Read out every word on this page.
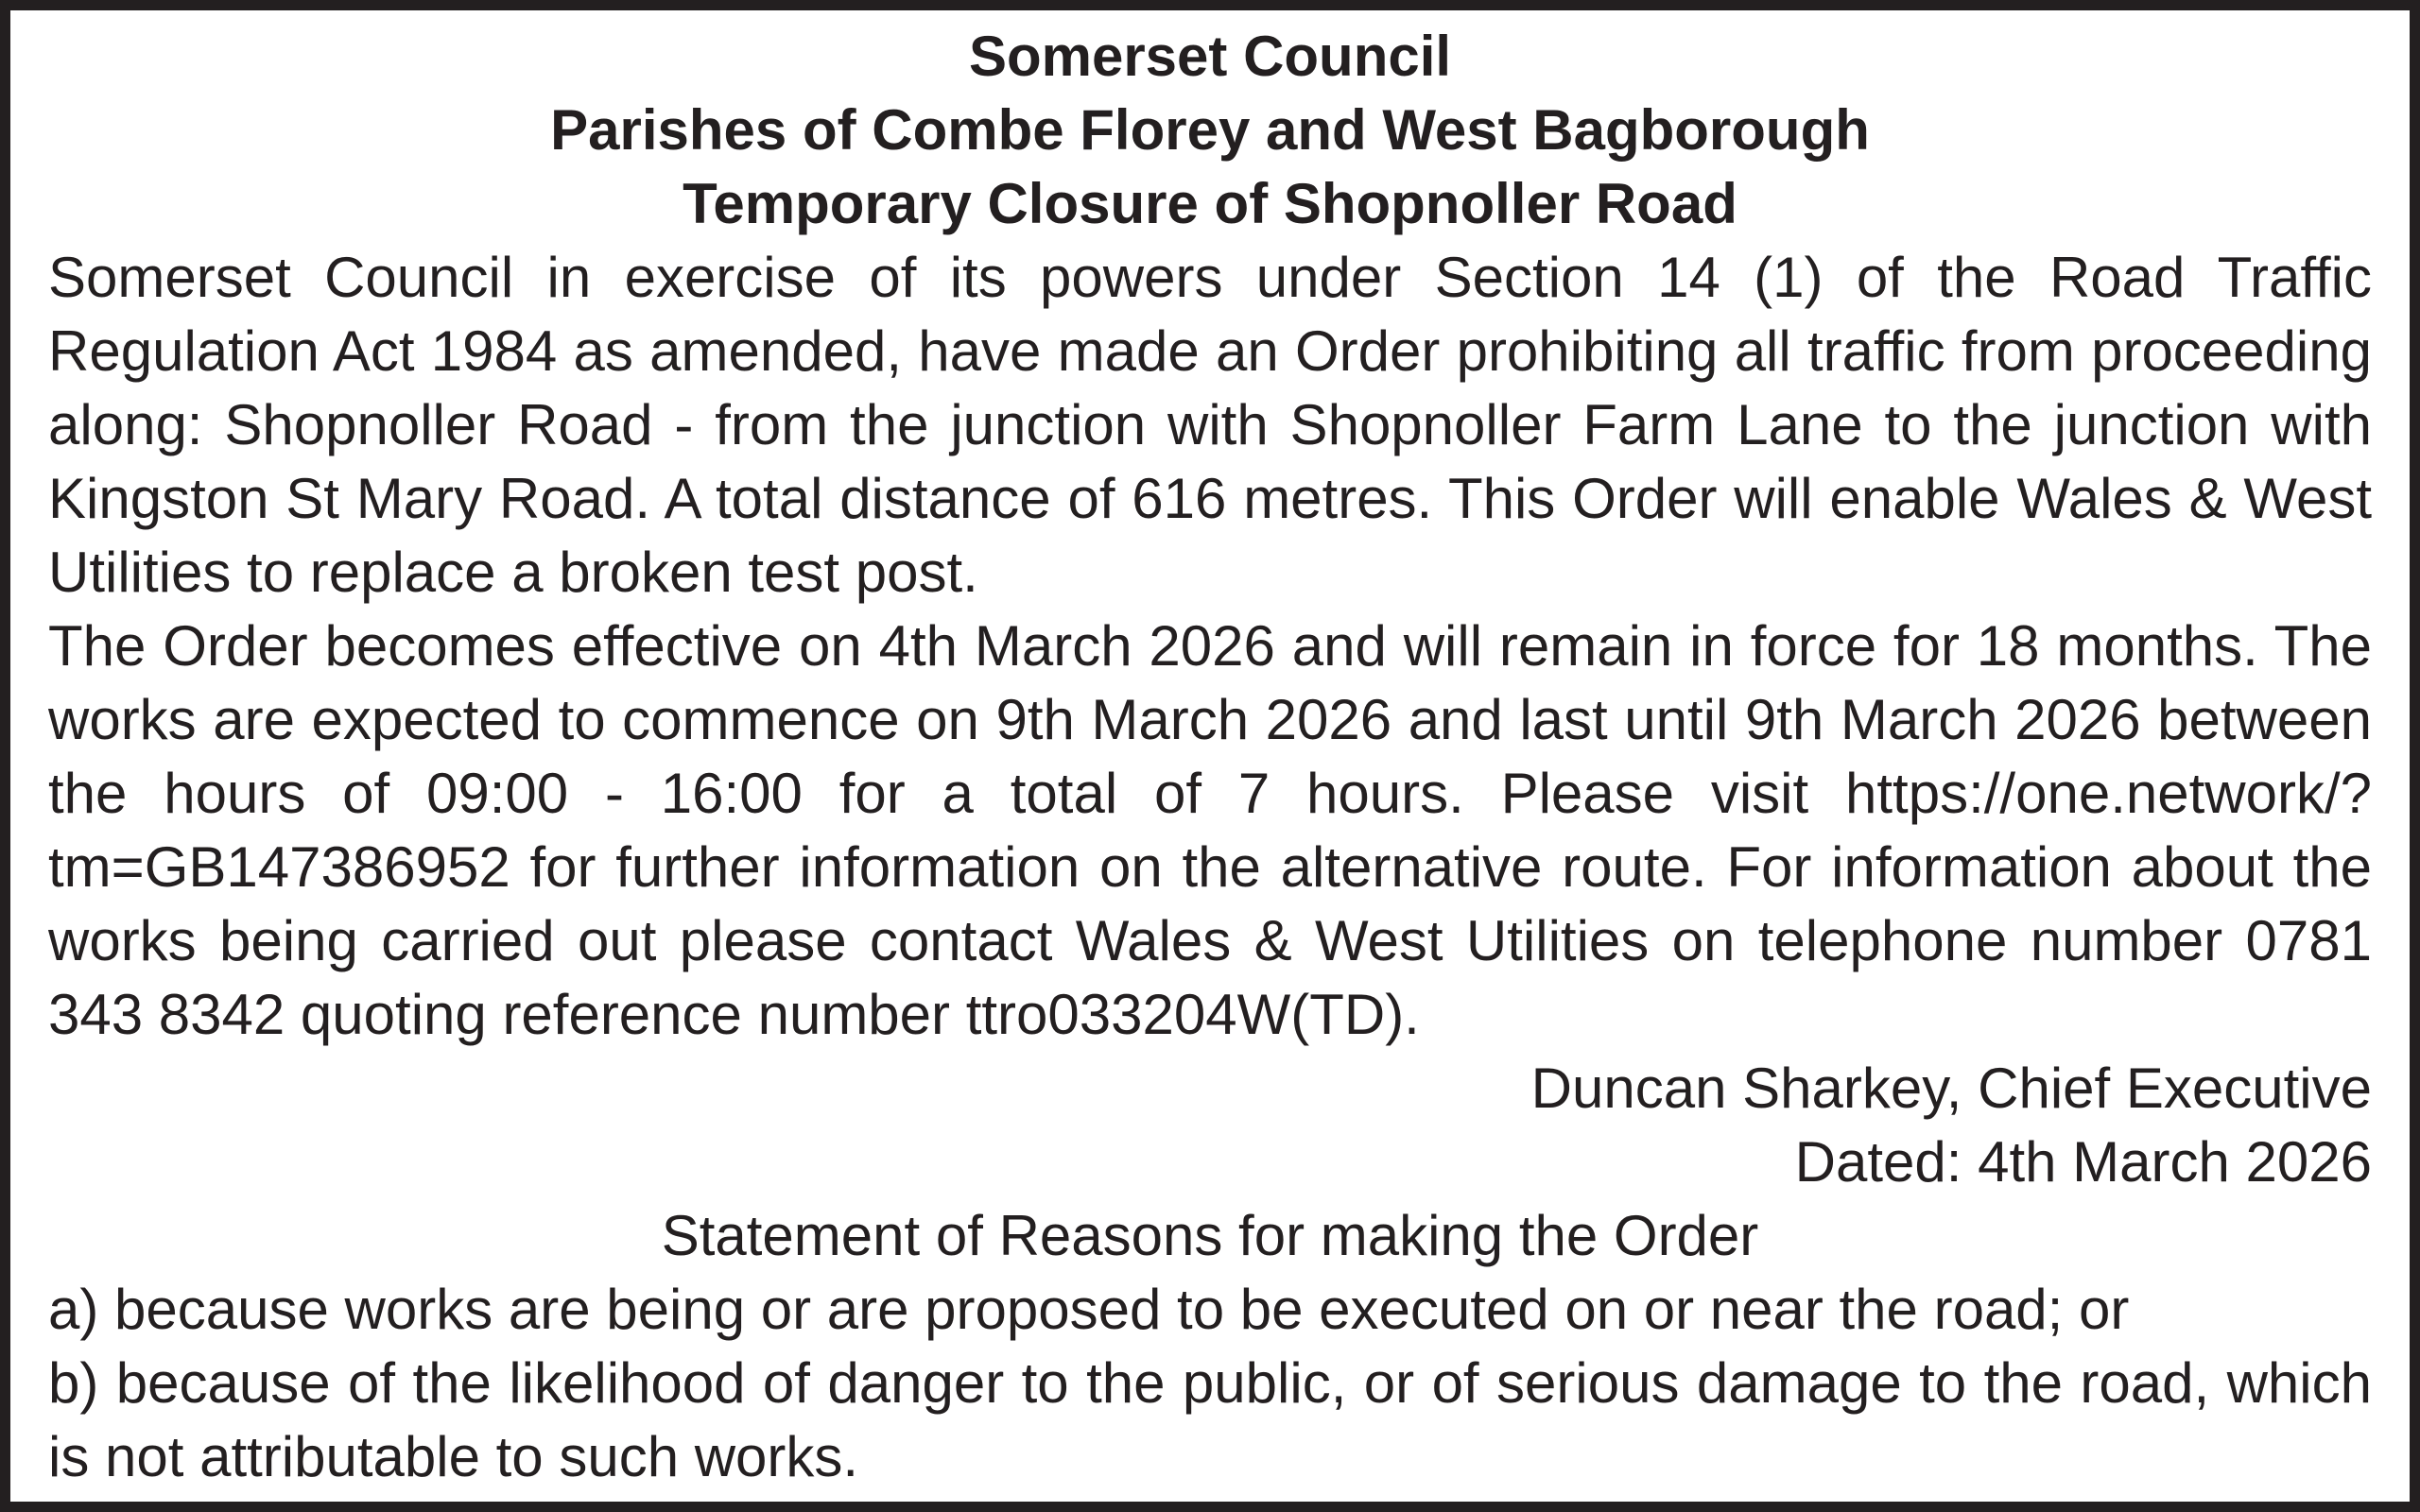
Somerset Council
Parishes of Combe Florey and West Bagborough
Temporary Closure of Shopnoller Road

Somerset Council in exercise of its powers under Section 14 (1) of the Road Traffic Regulation Act 1984 as amended, have made an Order prohibiting all traffic from proceeding along: Shopnoller Road - from the junction with Shopnoller Farm Lane to the junction with Kingston St Mary Road. A total distance of 616 metres. This Order will enable Wales & West Utilities to replace a broken test post.

The Order becomes effective on 4th March 2026 and will remain in force for 18 months. The works are expected to commence on 9th March 2026 and last until 9th March 2026 between the hours of 09:00 - 16:00 for a total of 7 hours. Please visit https://one.network/?tm=GB147386952 for further information on the alternative route. For information about the works being carried out please contact Wales & West Utilities on telephone number 0781 343 8342 quoting reference number ttro033204W(TD).

Duncan Sharkey, Chief Executive
Dated: 4th March 2026
Statement of Reasons for making the Order

a) because works are being or are proposed to be executed on or near the road; or

b) because of the likelihood of danger to the public, or of serious damage to the road, which is not attributable to such works.
